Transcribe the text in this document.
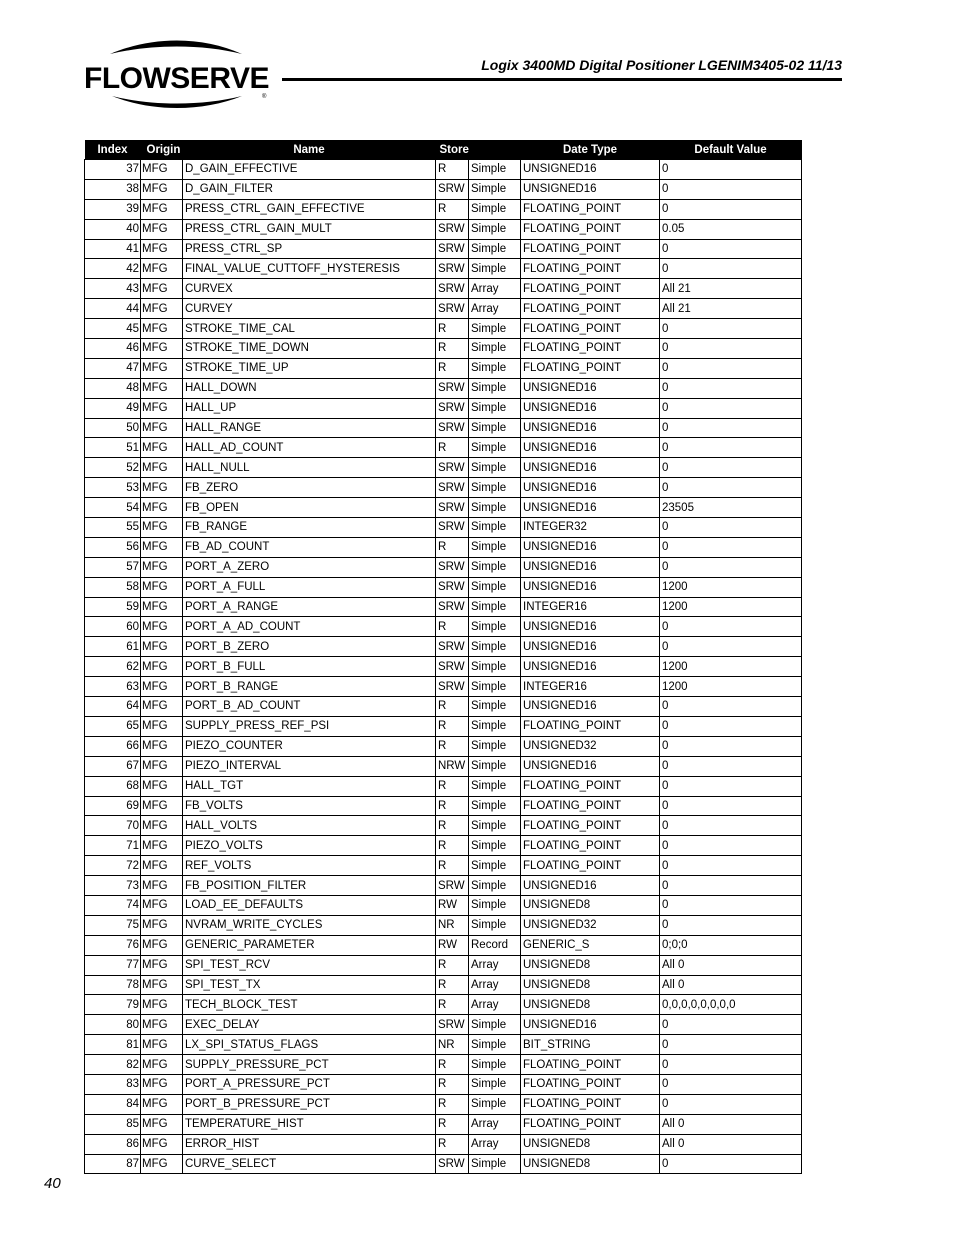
FLOWSERVE
®
Logix 3400MD Digital Positioner LGENIM3405-02 11/13
Index	Origin	Name	Store		Date Type	Default Value
37	MFG	D_GAIN_EFFECTIVE	R	Simple	UNSIGNED16	0
38	MFG	D_GAIN_FILTER	SRW	Simple	UNSIGNED16	0
39	MFG	PRESS_CTRL_GAIN_EFFECTIVE	R	Simple	FLOATING_POINT	0
40	MFG	PRESS_CTRL_GAIN_MULT	SRW	Simple	FLOATING_POINT	0.05
41	MFG	PRESS_CTRL_SP	SRW	Simple	FLOATING_POINT	0
42	MFG	FINAL_VALUE_CUTTOFF_HYSTERESIS	SRW	Simple	FLOATING_POINT	0
43	MFG	CURVEX	SRW	Array	FLOATING_POINT	All 21
44	MFG	CURVEY	SRW	Array	FLOATING_POINT	All 21
45	MFG	STROKE_TIME_CAL	R	Simple	FLOATING_POINT	0
46	MFG	STROKE_TIME_DOWN	R	Simple	FLOATING_POINT	0
47	MFG	STROKE_TIME_UP	R	Simple	FLOATING_POINT	0
48	MFG	HALL_DOWN	SRW	Simple	UNSIGNED16	0
49	MFG	HALL_UP	SRW	Simple	UNSIGNED16	0
50	MFG	HALL_RANGE	SRW	Simple	UNSIGNED16	0
51	MFG	HALL_AD_COUNT	R	Simple	UNSIGNED16	0
52	MFG	HALL_NULL	SRW	Simple	UNSIGNED16	0
53	MFG	FB_ZERO	SRW	Simple	UNSIGNED16	0
54	MFG	FB_OPEN	SRW	Simple	UNSIGNED16	23505
55	MFG	FB_RANGE	SRW	Simple	INTEGER32	0
56	MFG	FB_AD_COUNT	R	Simple	UNSIGNED16	0
57	MFG	PORT_A_ZERO	SRW	Simple	UNSIGNED16	0
58	MFG	PORT_A_FULL	SRW	Simple	UNSIGNED16	1200
59	MFG	PORT_A_RANGE	SRW	Simple	INTEGER16	1200
60	MFG	PORT_A_AD_COUNT	R	Simple	UNSIGNED16	0
61	MFG	PORT_B_ZERO	SRW	Simple	UNSIGNED16	0
62	MFG	PORT_B_FULL	SRW	Simple	UNSIGNED16	1200
63	MFG	PORT_B_RANGE	SRW	Simple	INTEGER16	1200
64	MFG	PORT_B_AD_COUNT	R	Simple	UNSIGNED16	0
65	MFG	SUPPLY_PRESS_REF_PSI	R	Simple	FLOATING_POINT	0
66	MFG	PIEZO_COUNTER	R	Simple	UNSIGNED32	0
67	MFG	PIEZO_INTERVAL	NRW	Simple	UNSIGNED16	0
68	MFG	HALL_TGT	R	Simple	FLOATING_POINT	0
69	MFG	FB_VOLTS	R	Simple	FLOATING_POINT	0
70	MFG	HALL_VOLTS	R	Simple	FLOATING_POINT	0
71	MFG	PIEZO_VOLTS	R	Simple	FLOATING_POINT	0
72	MFG	REF_VOLTS	R	Simple	FLOATING_POINT	0
73	MFG	FB_POSITION_FILTER	SRW	Simple	UNSIGNED16	0
74	MFG	LOAD_EE_DEFAULTS	RW	Simple	UNSIGNED8	0
75	MFG	NVRAM_WRITE_CYCLES	NR	Simple	UNSIGNED32	0
76	MFG	GENERIC_PARAMETER	RW	Record	GENERIC_S	0;0;0
77	MFG	SPI_TEST_RCV	R	Array	UNSIGNED8	All 0
78	MFG	SPI_TEST_TX	R	Array	UNSIGNED8	All 0
79	MFG	TECH_BLOCK_TEST	R	Array	UNSIGNED8	0,0,0,0,0,0,0,0
80	MFG	EXEC_DELAY	SRW	Simple	UNSIGNED16	0
81	MFG	LX_SPI_STATUS_FLAGS	NR	Simple	BIT_STRING	0
82	MFG	SUPPLY_PRESSURE_PCT	R	Simple	FLOATING_POINT	0
83	MFG	PORT_A_PRESSURE_PCT	R	Simple	FLOATING_POINT	0
84	MFG	PORT_B_PRESSURE_PCT	R	Simple	FLOATING_POINT	0
85	MFG	TEMPERATURE_HIST	R	Array	FLOATING_POINT	All 0
86	MFG	ERROR_HIST	R	Array	UNSIGNED8	All 0
87	MFG	CURVE_SELECT	SRW	Simple	UNSIGNED8	0
40
